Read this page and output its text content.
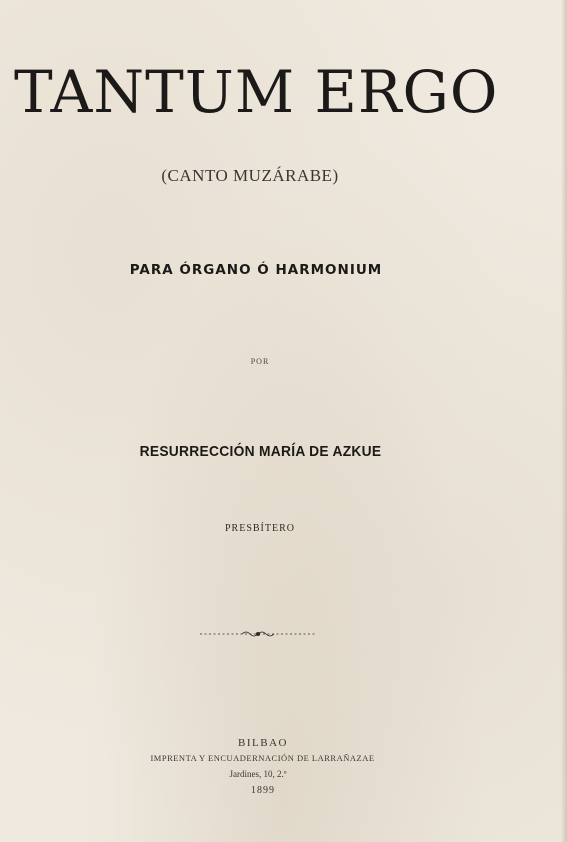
TANTUM ERGO
(CANTO MUZÁRABE)
PARA ÓRGANO Ó HARMONIUM
POR
RESURRECCIÓN MARÍA DE AZKUE
PRESBÍTERO
BILBAO
IMPRENTA Y ENCUADERNACIÓN DE LARRAÑAZAE
Jardines, 10, 2.º
1899
